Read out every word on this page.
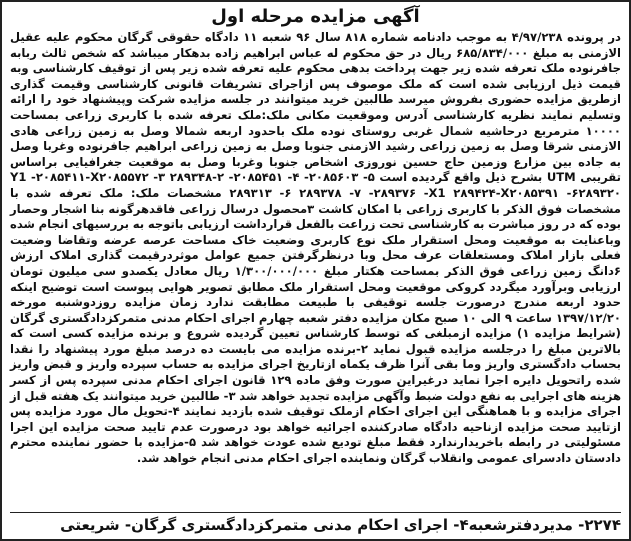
آگهی مزایده مرحله اول

در پرونده ۴/۹۷/۲۳۸ به موجب دادنامه شماره ۸۱۸ سال ۹۶ شعبه ۱۱ دادگاه حقوقی گرگان محکوم علیه عقیل الازمنی به مبلغ ۶۸۵/۸۳۴/۰۰۰ ریال در حق محکوم له عباس ابراهیم زاده بدهکار میباشد که شخص ثالث ربابه جافرنوده ملک تعرفه شده زیر جهت پرداخت بدهی محکوم علیه تعرفه شده زیر پس از توقیف کارشناسی وبه قیمت ذیل ارزیابی شده است که ملک موصوف پس ازاجرای تشریفات قانونی کارشناسی وقیمت گذاری ازطریق مزایده حضوری بفروش میرسد طالبین خرید میتوانند در جلسه مزایده شرکت وپیشنهاد خود را ارائه وتسلیم نمایند نظریه کارشناسی آدرس وموقعیت مکانی ملک:ملک تعرفه شده با کاربری زراعی بمساحت ۱۰۰۰۰ مترمربع درحاشیه شمال غربی روستای نوده ملک باحدود اربعه شمالا وصل به زمین زراعی هادی الازمنی شرقا وصل به زمین زراعی رشید الازمنی جنوبا وصل به زمین زراعی ابراهیم جافرنوده وغربا وصل به جاده بین مزارع وزمین حاج حسین نوروزی اشخاص جنوبا وغربا وصل به موقعیت جغرافیایی براساس تقریبی UTM بشرح ذیل واقع گردیده است Y1 -۲۰۸۵۴۱۱-X۲۰۸۵۵۷۲ -۳ ۲۸۹۳۴۸-۲ -۲۰۸۵۴۵۱ -۴ -۲۰۸۵۶۰۳ -۵ ۲۸۹۳۱۳ -۶ ۲۸۹۳۷۸ -۷ -۲۸۹۳۷۶ -X1 ۲۸۹۴۲۴-X۲۰۸۵۳۹۱ -۶۲۸۹۳۲۰ مشخصات ملک: ملک تعرفه شده با مشخصات فوق الذکر با کاربری زراعی با امکان کاشت ۳محصول درسال زراعی فاقدهرگونه بنا اشجار وحصار بوده که در روز مباشرت به کارشناسی تحت زراعت بالفعل قرارداشت ارزیابی باتوجه به بررسیهای انجام شده وباعنایت به موقعیت ومحل استقرار ملک نوع کاربری وضعیت خاک مساحت عرصه عرضه وتقاضا وضعیت فعلی بازار املاک ومستعلقات عرف محل وبا درنظرگرفتن جمیع عوامل موثردرقیمت گذاری املاک ارزش ۶دانگ زمین زراعی فوق الذکر بمساحت هکتار مبلغ ۱/۳۰۰/۰۰۰/۰۰۰ ریال معادل یکصدو سی میلیون تومان ارزیابی وبرآورد میگردد کروکی موقعیت ومحل استقرار ملک مطابق تصویر هوایی پیوست است توضیح اینکه حدود اربعه مندرج درصورت جلسه توقیفی با طبیعت مطابقت ندارد زمان مزایده روزدوشنبه مورخه ۱۳۹۷/۱۲/۲۰ ساعت ۹ الی ۱۰ صبح مکان مزایده دفتر شعبه چهارم اجرای احکام مدنی متمرکزدادگستری گرگان (شرایط مزایده ۱) مزایده ازمبلغی که توسط کارشناس تعیین گردیده شروع و برنده مزایده کسی است که بالاترین مبلغ را درجلسه مزایده قبول نماید ۲-برنده مزایده می بایست ده درصد مبلغ مورد پیشنهاد را نقدا بحساب دادگستری واریز وما بقی آنرا ظرف یکماه ازتاریخ اجرای مزایده به حساب سپرده واریز و قبض واریز شده راتحویل دایره اجرا نماید درغیراین صورت وفق ماده ۱۲۹ قانون اجرای احکام مدنی سپرده پس از کسر هزینه های اجرایی به نفع دولت ضبط وآگهی مزایده تجدید خواهد شد ۳- طالبین خرید میتوانند یک هفته قبل از اجرای مزایده و با هماهنگی این اجرای احکام ازملک توقیف شده بازدید نمایند ۴-تحویل مال مورد مزایده پس ازتایید صحت مزایده ازناحیه دادگاه صادرکننده اجرائیه خواهد بود درصورت عدم تایید صحت مزایده این اجرا مسئولیتی در رابطه باخریدارندارد فقط مبلغ تودیع شده عودت خواهد شد ۵-مزایده با حضور نماینده محترم دادستان دادسرای عمومی وانقلاب گرگان ونماینده اجرای احکام مدنی انجام خواهد شد.

۲۲۷۴- مدیردفترشعبه۴- اجرای احکام مدنی متمرکزدادگستری گرگان- شریعتی
